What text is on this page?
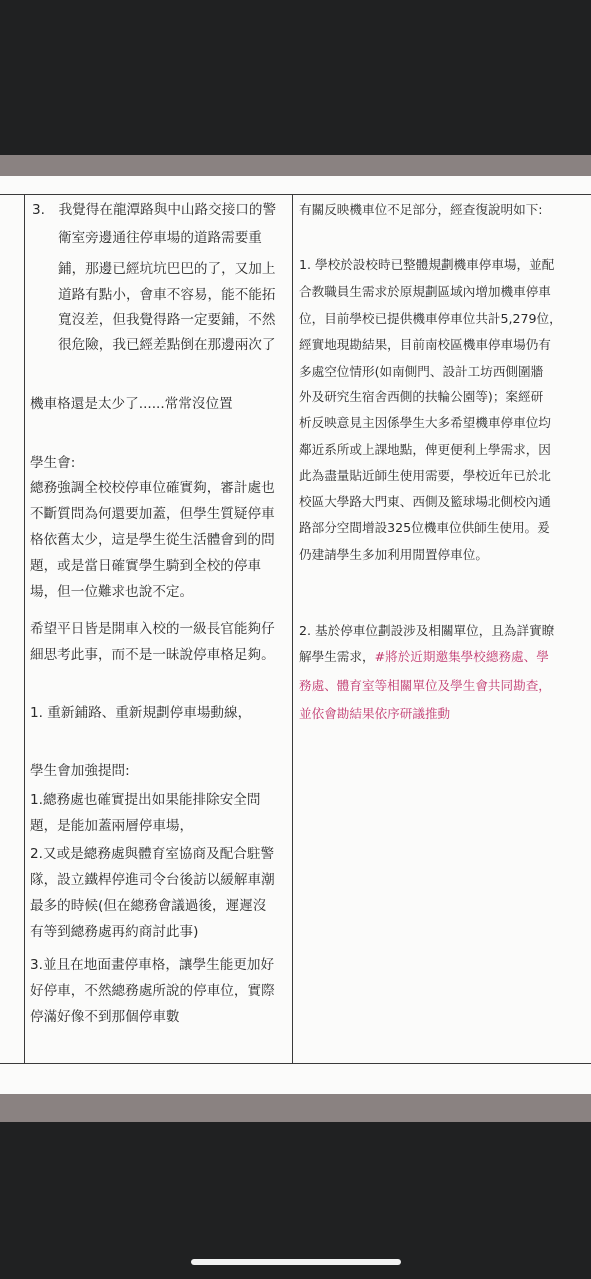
3.　我覺得在龍潭路與中山路交接口的警

衛室旁邊通往停車場的道路需要重

鋪，那邊已經坑坑巴巴的了，又加上

道路有點小，會車不容易，能不能拓

寬沒差，但我覺得路一定要鋪，不然

很危險，我已經差點倒在那邊兩次了

機車格還是太少了......常常沒位置

學生會:

總務強調全校校停車位確實夠，審計處也

不斷質問為何還要加蓋，但學生質疑停車

格依舊太少，這是學生從生活體會到的問

題，或是當日確實學生騎到全校的停車

場，但一位難求也說不定。

希望平日皆是開車入校的一級長官能夠仔

細思考此事，而不是一昧說停車格足夠。

1. 重新鋪路、重新規劃停車場動線，

學生會加強提問:

1.總務處也確實提出如果能排除安全問

題，是能加蓋兩層停車場，

2.又或是總務處與體育室協商及配合駐警

隊，設立鐵桿停進司令台後訪以緩解車潮

最多的時候(但在總務會議過後，遲遲沒

有等到總務處再約商討此事)

3.並且在地面畫停車格，讓學生能更加好

好停車，不然總務處所說的停車位，實際

停滿好像不到那個停車數

有關反映機車位不足部分，經查復說明如下:

1. 學校於設校時已整體規劃機車停車場，並配

合教職員生需求於原規劃區域內增加機車停車

位，目前學校已提供機車停車位共計5,279位，

經實地現勘結果，目前南校區機車停車場仍有

多處空位情形(如南側門、設計工坊西側圍牆

外及研究生宿舍西側的扶輪公園等)；案經研

析反映意見主因係學生大多希望機車停車位均

鄰近系所或上課地點，俾更便利上學需求，因

此為盡量貼近師生使用需要，學校近年已於北

校區大學路大門東、西側及籃球場北側校內通

路部分空間增設325位機車位供師生使用。爰

仍建請學生多加利用閒置停車位。

2. 基於停車位劃設涉及相關單位，且為詳實瞭

解學生需求，#將於近期邀集學校總務處、學

務處、體育室等相關單位及學生會共同勘查，

並依會勘結果依序研議推動
